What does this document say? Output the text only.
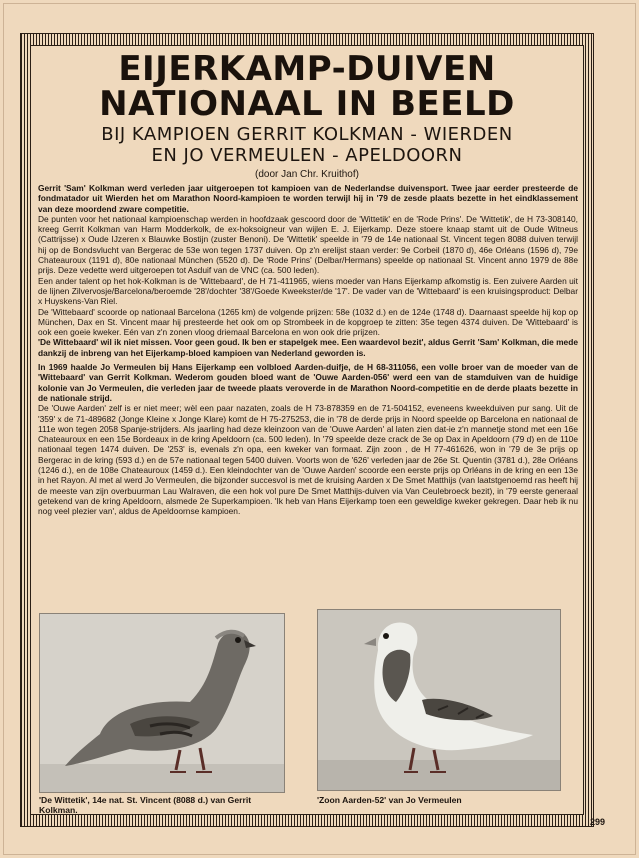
EIJERKAMP-DUIVEN
NATIONAAL IN BEELD
BIJ KAMPIOEN GERRIT KOLKMAN - WIERDEN
EN JO VERMEULEN - APELDOORN
(door Jan Chr. Kruithof)

Gerrit 'Sam' Kolkman werd verleden jaar uitgeroepen tot kampioen van de Nederlandse duivensport. Twee jaar eerder presteerde de fondmatador uit Wierden het om Marathon Noord-kampioen te worden terwijl hij in '79 de zesde plaats bezette in het eindklassement van deze moordend zware competitie.

De punten voor het nationaal kampioenschap werden in hoofdzaak gescoord door de 'Wittetik' en de 'Rode Prins'. De 'Wittetik', de H 73-308140, kreeg Gerrit Kolkman van Harm Modderkolk, de ex-hoksoigneur van wijlen E. J. Eijerkamp. Deze stoere knaap stamt uit de Oude Witneus (Cattrijsse) x Oude IJzeren x Blauwke Bostijn (zuster Benoni). De 'Wittetik' speelde in '79 de 14e nationaal St. Vincent tegen 8088 duiven terwijl hij op de Bondsvlucht van Bergerac de 53e won tegen 1737 duiven. Op z'n erelijst staan verder: 9e Corbeil (1870 d), 46e Orléans (1596 d), 79e Chateauroux (1191 d), 80e nationaal München (5520 d). De 'Rode Prins' (Delbar/Hermans) speelde op nationaal St. Vincent anno 1979 de 88e prijs. Deze vedette werd uitgeroepen tot Asduif van de VNC (ca. 500 leden).

Een ander talent op het hok-Kolkman is de 'Wittebaard', de H 71-411965, wiens moeder van Hans Eijerkamp afkomstig is. Een zuivere Aarden uit de lijnen Zilvervosje/Barcelona/beroemde '28'/dochter '38'/Goede Kweekster/de '17'. De vader van de 'Wittebaard' is een kruisingsproduct: Delbar x Huyskens-Van Riel.

De 'Wittebaard' scoorde op nationaal Barcelona (1265 km) de volgende prijzen: 58e (1032 d.) en de 124e (1748 d). Daarnaast speelde hij kop op München, Dax en St. Vincent maar hij presteerde het ook om op Strombeek in de kopgroep te zitten: 35e tegen 4374 duiven. De 'Wittebaard' is ook een goeie kweker. Eén van z'n zonen vloog driemaal Barcelona en won ook drie prijzen.

'De Wittebaard' wil ik niet missen. Voor geen goud. Ik ben er stapelgek mee. Een waardevol bezit', aldus Gerrit 'Sam' Kolkman, die mede dankzij de inbreng van het Eijerkamp-bloed kampioen van Nederland geworden is.

In 1969 haalde Jo Vermeulen bij Hans Eijerkamp een volbloed Aarden-duifje, de H 68-311056, een volle broer van de moeder van de 'Wittebaard' van Gerrit Kolkman. Wederom gouden bloed want de 'Ouwe Aarden-056' werd een van de stamduiven van de huidige kolonie van Jo Vermeulen, die verleden jaar de tweede plaats veroverde in de Marathon Noord-competitie en de derde plaats bezette in de nationale strijd.

De 'Ouwe Aarden' zelf is er niet meer; wèl een paar nazaten, zoals de H 73-878359 en de 71-504152, eveneens kweekduiven pur sang. Uit de '359' x de 71-489682 (Jonge Kleine x Jonge Klare) komt de H 75-275253, die in '78 de derde prijs in Noord speelde op Barcelona en nationaal de 111e won tegen 2058 Spanje-strijders. Als jaarling had deze kleinzoon van de 'Ouwe Aarden' al laten zien dat-ie z'n mannetje stond met een 16e Chateauroux en een 15e Bordeaux in de kring Apeldoorn (ca. 500 leden). In '79 speelde deze crack de 3e op Dax in Apeldoorn (79 d) en de 110e nationaal tegen 1474 duiven. De '253' is, evenals z'n opa, een kweker van formaat. Zijn zoon , de H 77-461626, won in '79 de 3e prijs op Bergerac in de kring (593 d.) en de 57e nationaal tegen 5400 duiven. Voorts won de '626' verleden jaar de 26e St. Quentin (3781 d.), 28e Orléans (1246 d.), en de 108e Chateauroux (1459 d.). Een kleindochter van de 'Ouwe Aarden' scoorde een eerste prijs op Orléans in de kring en een 13e in het Rayon. Al met al werd Jo Vermeulen, die bijzonder succesvol is met de kruising Aarden x De Smet Matthijs (van laatstgenoemd ras heeft hij de meeste van zijn overbuurman Lau Walraven, die een hok vol pure De Smet Matthijs-duiven via Van Ceulebroeck bezit), in '79 eerste generaal getekend van de kring Apeldoorn, alsmede 2e Superkampioen. 'Ik heb van Hans Eijerkamp toen een geweldige kweker gekregen. Daar heb ik nu nog veel plezier van', aldus de Apeldoornse kampioen.

'De Wittetik', 14e nat. St. Vincent (8088 d.) van Gerrit Kolkman.
'Zoon Aarden-52' van Jo Vermeulen
299
